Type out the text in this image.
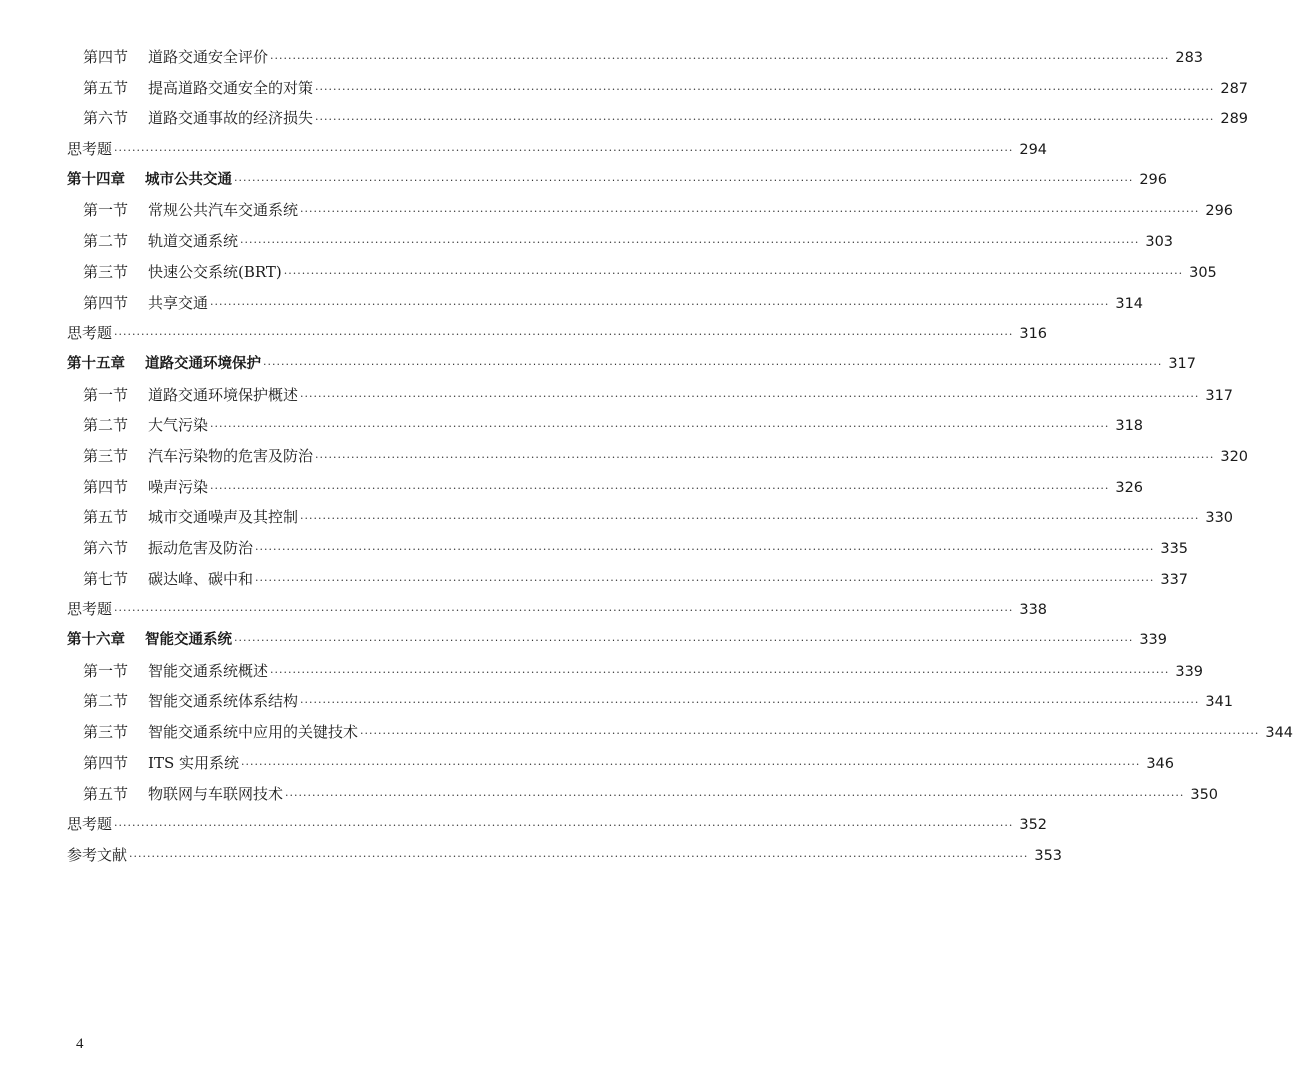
第四节 道路交通安全评价 ········································································································································································································ 283
第五节 提高道路交通安全的对策 ········································································································································································································ 287
第六节 道路交通事故的经济损失 ········································································································································································································ 289
思考题 ········································································································································································································ 294
第十四章 城市公共交通 ········································································································································································································ 296
第一节 常规公共汽车交通系统 ········································································································································································································ 296
第二节 轨道交通系统 ········································································································································································································ 303
第三节 快速公交系统(BRT) ········································································································································································································ 305
第四节 共享交通 ········································································································································································································ 314
思考题 ········································································································································································································ 316
第十五章 道路交通环境保护 ········································································································································································································ 317
第一节 道路交通环境保护概述 ········································································································································································································ 317
第二节 大气污染 ········································································································································································································ 318
第三节 汽车污染物的危害及防治 ········································································································································································································ 320
第四节 噪声污染 ········································································································································································································ 326
第五节 城市交通噪声及其控制 ········································································································································································································ 330
第六节 振动危害及防治 ········································································································································································································ 335
第七节 碳达峰、碳中和 ········································································································································································································ 337
思考题 ········································································································································································································ 338
第十六章 智能交通系统 ········································································································································································································ 339
第一节 智能交通系统概述 ········································································································································································································ 339
第二节 智能交通系统体系结构 ········································································································································································································ 341
第三节 智能交通系统中应用的关键技术 ········································································································································································································ 344
第四节 ITS 实用系统 ········································································································································································································ 346
第五节 物联网与车联网技术 ········································································································································································································ 350
思考题 ········································································································································································································ 352
参考文献 ········································································································································································································ 353
4
